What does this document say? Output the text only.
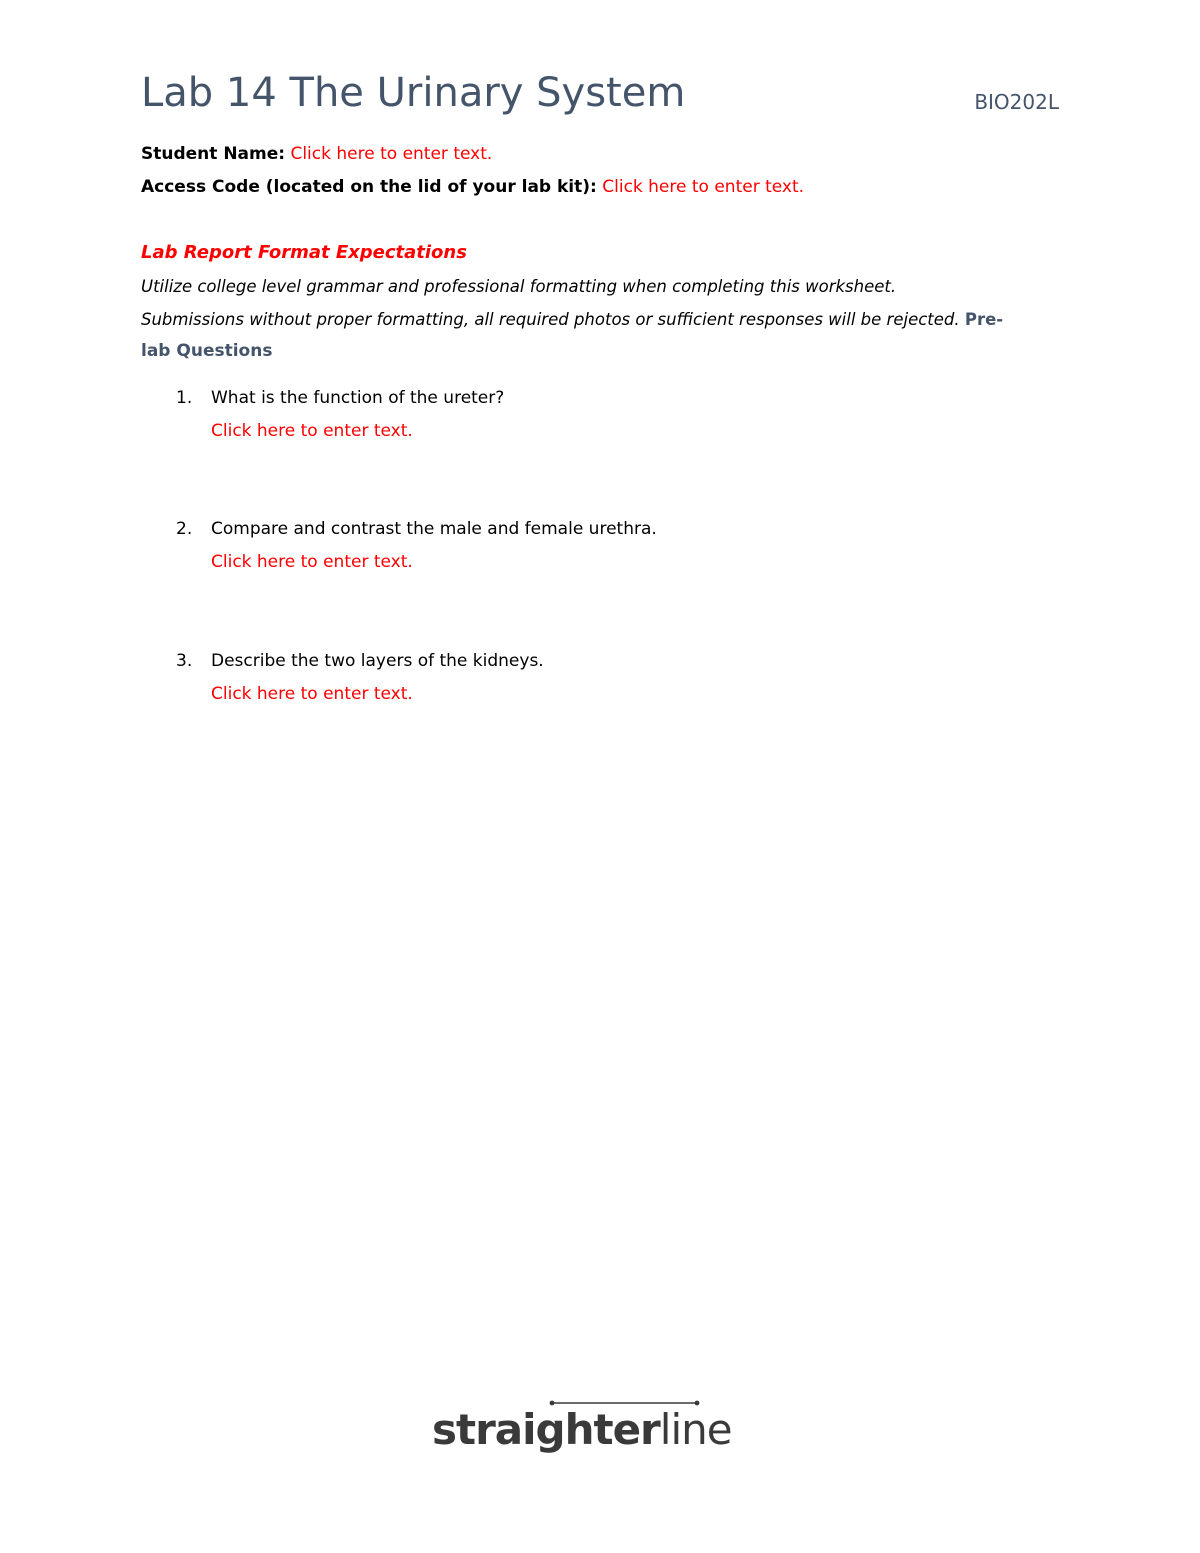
Lab 14 The Urinary System	BIO202L
Student Name: Click here to enter text.
Access Code (located on the lid of your lab kit): Click here to enter text.
Lab Report Format Expectations
Utilize college level grammar and professional formatting when completing this worksheet.
Submissions without proper formatting, all required photos or sufficient responses will be rejected. Pre-
lab Questions
1. What is the function of the ureter?
Click here to enter text.
2. Compare and contrast the male and female urethra.
Click here to enter text.
3. Describe the two layers of the kidneys.
Click here to enter text.
straighterline
